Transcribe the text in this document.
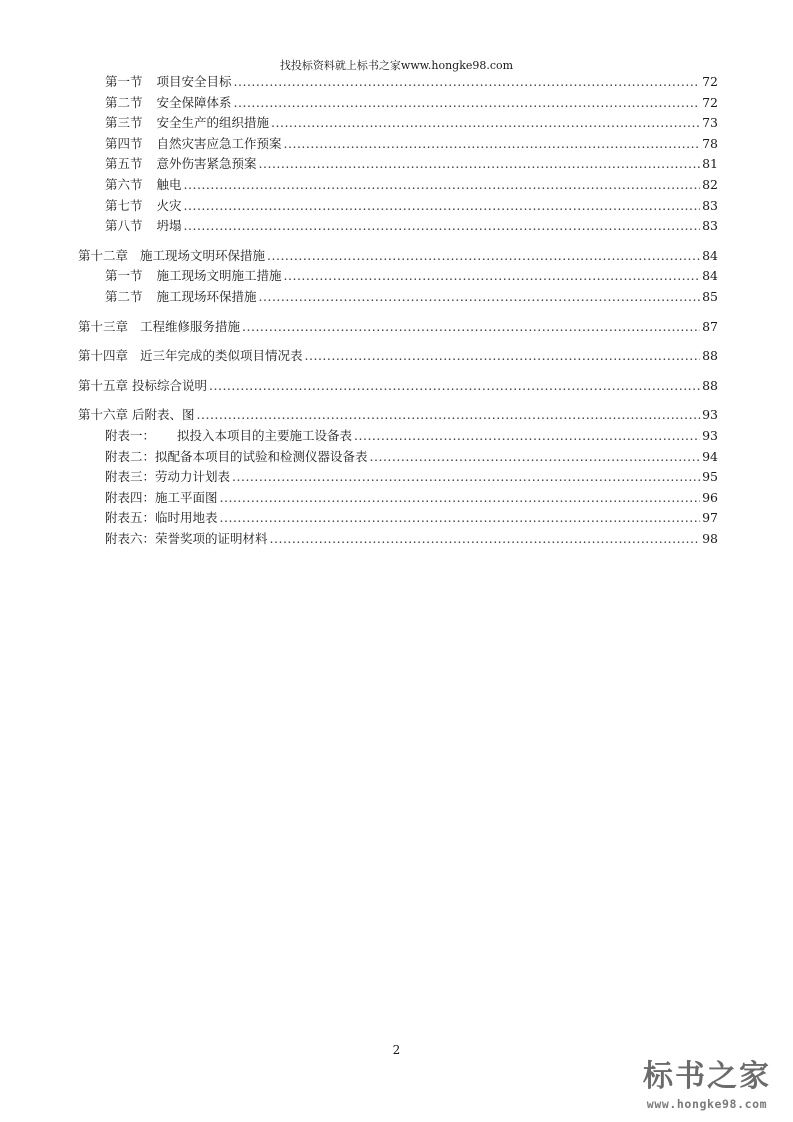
找投标资料就上标书之家www.hongke98.com
第一节 项目安全目标 .....	72
第二节 安全保障体系 .....	72
第三节 安全生产的组织措施 .....	73
第四节 自然灾害应急工作预案 .....	78
第五节 意外伤害紧急预案 .....	81
第六节 触电 .....	82
第七节 火灾 .....	83
第八节 坍塌 .....	83
第十二章 施工现场文明环保措施 .....	84
第一节 施工现场文明施工措施 .....	84
第二节 施工现场环保措施 .....	85
第十三章 工程维修服务措施 .....	87
第十四章 近三年完成的类似项目情况表 .....	88
第十五章 投标综合说明 .....	88
第十六章 后附表、图 .....	93
附表一： 拟投入本项目的主要施工设备表 .....	93
附表二： 拟配备本项目的试验和检测仪器设备表 .....	94
附表三： 劳动力计划表 .....	95
附表四： 施工平面图 .....	96
附表五： 临时用地表 .....	97
附表六： 荣誉奖项的证明材料 .....	98
2
标书之家
www.hongke98.com
